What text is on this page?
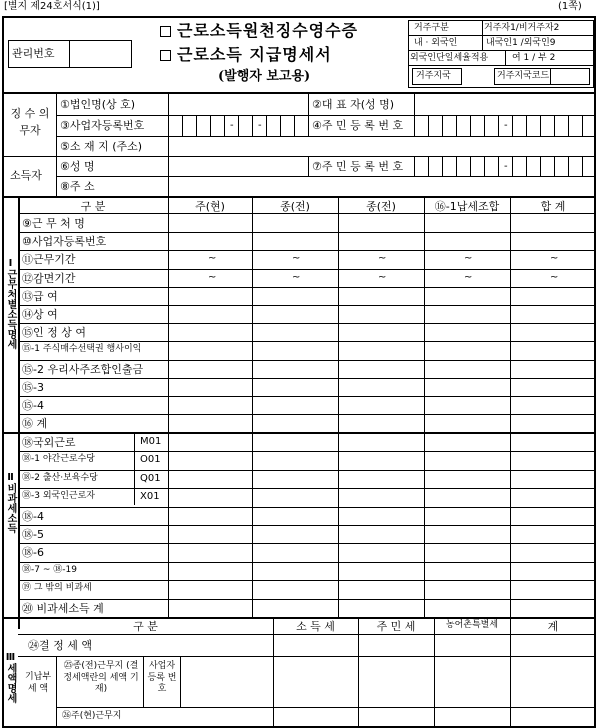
[별지 제24호서식(1)]	(1쪽)
관리번호
근로소득원천징수영수증
근로소득 지급명세서
(발행자 보고용)
거주구분	거주자1/비거주자2
내 · 외국인	내국인1 /외국인9
외국인단일세율적용	여 1 / 부 2
거주지국	거주지국코드
징 수 의무자
소득자
①법인명(상 호)	②대 표 자(성 명)
③사업자등록번호	④주 민 등 록 번 호
⑤소 재 지 (주소)
⑥성 명	⑦주 민 등 록 번 호
⑧주 소
- -	-
-
Ⅰ근무처별소득명세
구 분	주(현)	종(전)	종(전)	⑯-1납세조합	합 계
⑨근 무 처 명
⑩사업자등록번호
⑪근무기간	~	~	~	~	~
⑫감면기간	~	~	~	~	~
⑬급 여
⑭상 여
⑮인 정 상 여
⑮-1 주식매수선택권 행사이익
⑮-2 우리사주조합인출금
⑮-3
⑮-4
⑯ 계
Ⅱ비과세소득
⑱국외근로	M01
⑱-1 야간근로수당	O01
⑱-2 출산·보육수당	Q01
⑱-3 외국인근로자	X01
⑱-4
⑱-5
⑱-6
⑱-7 ~ ⑱-19
⑲ 그 밖의 비과세
⑳ 비과세소득 계
Ⅲ세액명세
구 분	소 득 세	주 민 세	농어촌특별세	계
㉔결 정 세 액
기납부 세 액
㉕종(전)근무지 (결정세액란의 세액 기재)
사업자 등록 번호
㉖주(현)근무지
